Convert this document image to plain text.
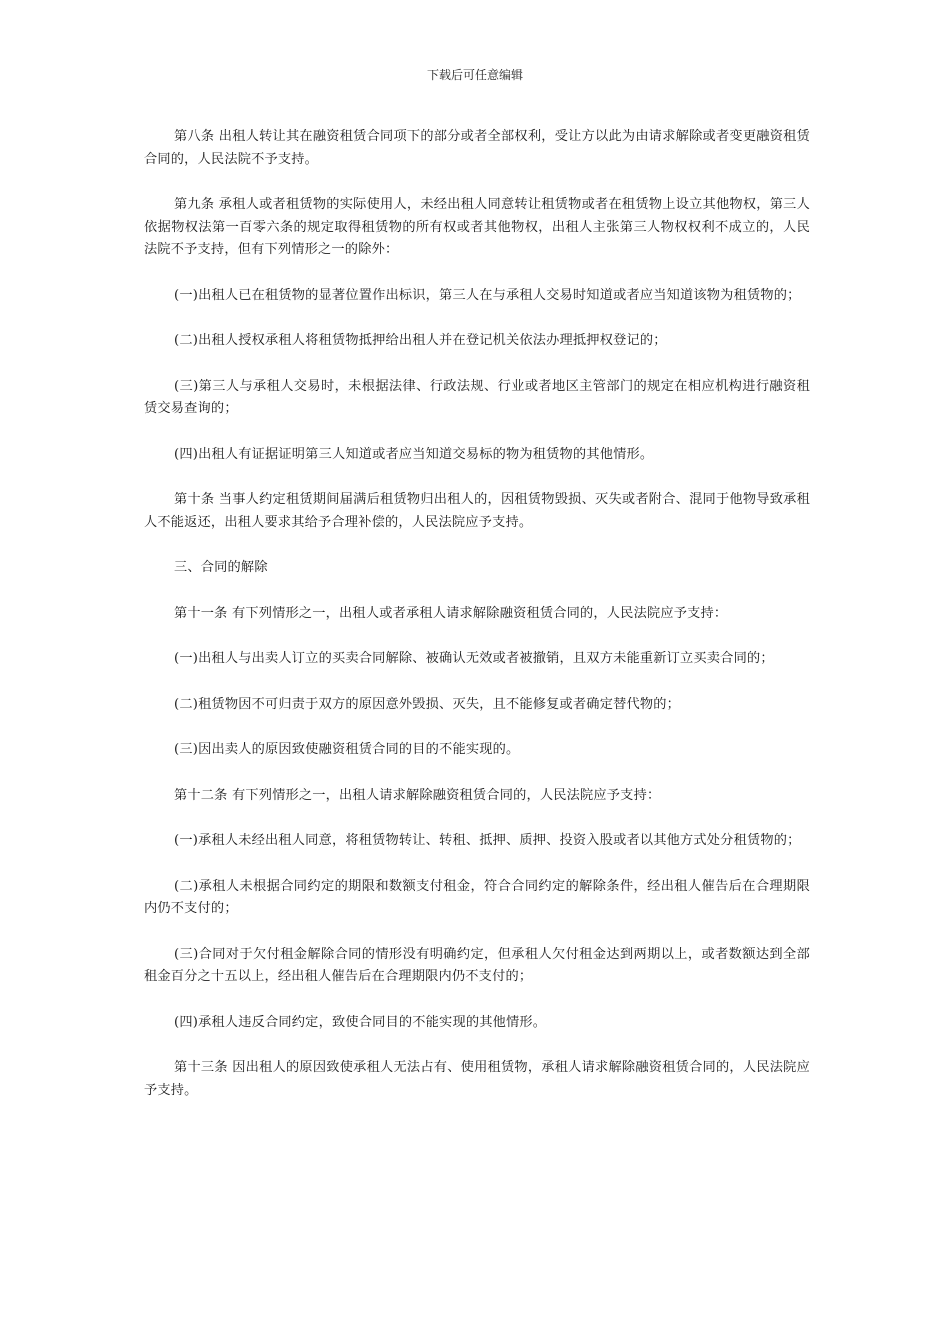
下载后可任意编辑

第八条 出租人转让其在融资租赁合同项下的部分或者全部权利，受让方以此为由请求解除或者变更融资租赁合同的，人民法院不予支持。

第九条 承租人或者租赁物的实际使用人，未经出租人同意转让租赁物或者在租赁物上设立其他物权，第三人依据物权法第一百零六条的规定取得租赁物的所有权或者其他物权，出租人主张第三人物权权利不成立的，人民法院不予支持，但有下列情形之一的除外：

(一)出租人已在租赁物的显著位置作出标识，第三人在与承租人交易时知道或者应当知道该物为租赁物的；

(二)出租人授权承租人将租赁物抵押给出租人并在登记机关依法办理抵押权登记的；

(三)第三人与承租人交易时，未根据法律、行政法规、行业或者地区主管部门的规定在相应机构进行融资租赁交易查询的；

(四)出租人有证据证明第三人知道或者应当知道交易标的物为租赁物的其他情形。

第十条 当事人约定租赁期间届满后租赁物归出租人的，因租赁物毁损、灭失或者附合、混同于他物导致承租人不能返还，出租人要求其给予合理补偿的，人民法院应予支持。

三、合同的解除

第十一条 有下列情形之一，出租人或者承租人请求解除融资租赁合同的，人民法院应予支持：

(一)出租人与出卖人订立的买卖合同解除、被确认无效或者被撤销，且双方未能重新订立买卖合同的；

(二)租赁物因不可归责于双方的原因意外毁损、灭失，且不能修复或者确定替代物的；

(三)因出卖人的原因致使融资租赁合同的目的不能实现的。

第十二条 有下列情形之一，出租人请求解除融资租赁合同的，人民法院应予支持：

(一)承租人未经出租人同意，将租赁物转让、转租、抵押、质押、投资入股或者以其他方式处分租赁物的；

(二)承租人未根据合同约定的期限和数额支付租金，符合合同约定的解除条件，经出租人催告后在合理期限内仍不支付的；

(三)合同对于欠付租金解除合同的情形没有明确约定，但承租人欠付租金达到两期以上，或者数额达到全部租金百分之十五以上，经出租人催告后在合理期限内仍不支付的；

(四)承租人违反合同约定，致使合同目的不能实现的其他情形。

第十三条 因出租人的原因致使承租人无法占有、使用租赁物，承租人请求解除融资租赁合同的，人民法院应予支持。
